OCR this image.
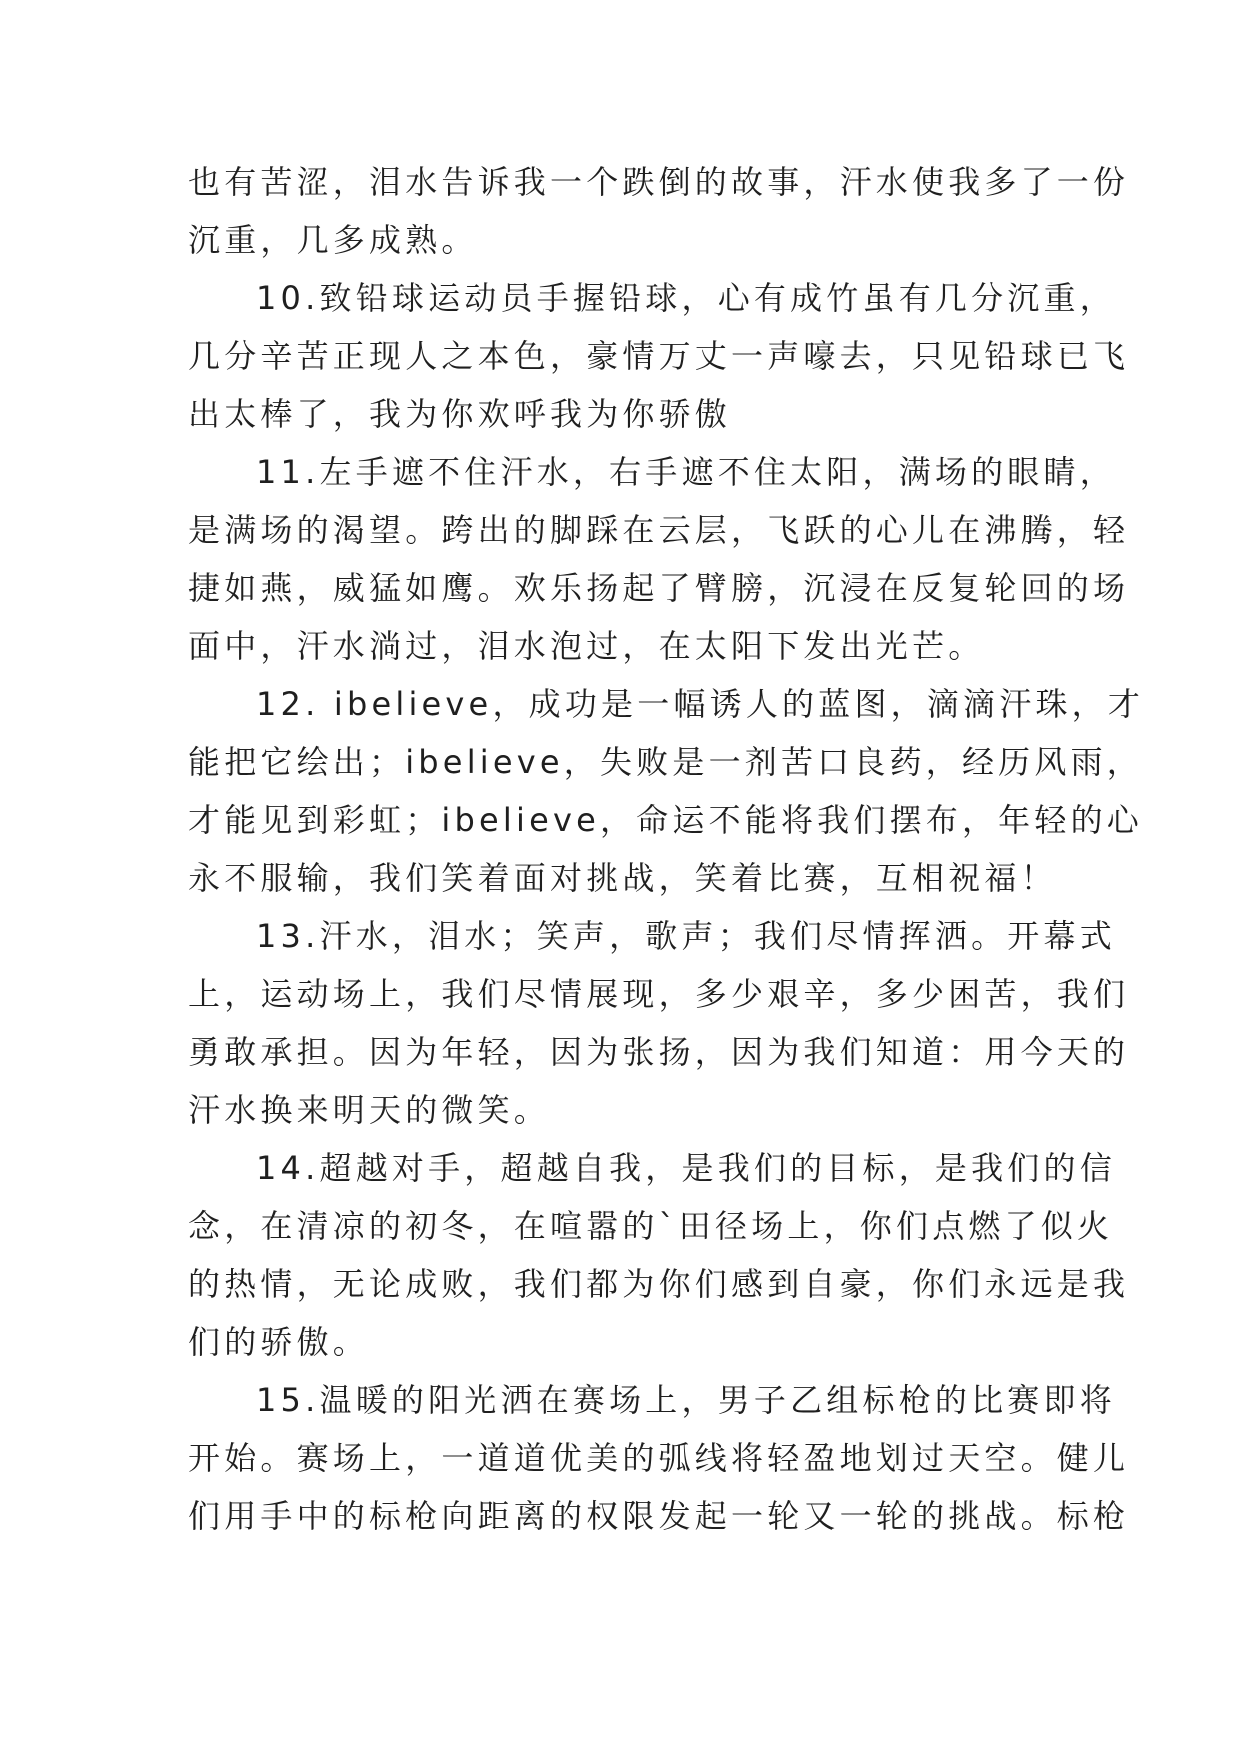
也有苦涩，泪水告诉我一个跌倒的故事，汗水使我多了一份
沉重，几多成熟。
10.致铅球运动员手握铅球，心有成竹虽有几分沉重，
几分辛苦正现人之本色，豪情万丈一声嚎去，只见铅球已飞
出太棒了，我为你欢呼我为你骄傲
11.左手遮不住汗水，右手遮不住太阳，满场的眼睛，
是满场的渴望。跨出的脚踩在云层，飞跃的心儿在沸腾，轻
捷如燕，威猛如鹰。欢乐扬起了臂膀，沉浸在反复轮回的场
面中，汗水淌过，泪水泡过，在太阳下发出光芒。
12. ibelieve，成功是一幅诱人的蓝图，滴滴汗珠，才
能把它绘出；ibelieve，失败是一剂苦口良药，经历风雨，
才能见到彩虹；ibelieve，命运不能将我们摆布，年轻的心
永不服输，我们笑着面对挑战，笑着比赛，互相祝福！
13.汗水，泪水；笑声，歌声；我们尽情挥洒。开幕式
上，运动场上，我们尽情展现，多少艰辛，多少困苦，我们
勇敢承担。因为年轻，因为张扬，因为我们知道：用今天的
汗水换来明天的微笑。
14.超越对手，超越自我，是我们的目标，是我们的信
念，在清凉的初冬，在喧嚣的`田径场上，你们点燃了似火
的热情，无论成败，我们都为你们感到自豪，你们永远是我
们的骄傲。
15.温暖的阳光洒在赛场上，男子乙组标枪的比赛即将
开始。赛场上，一道道优美的弧线将轻盈地划过天空。健儿
们用手中的标枪向距离的权限发起一轮又一轮的挑战。标枪
